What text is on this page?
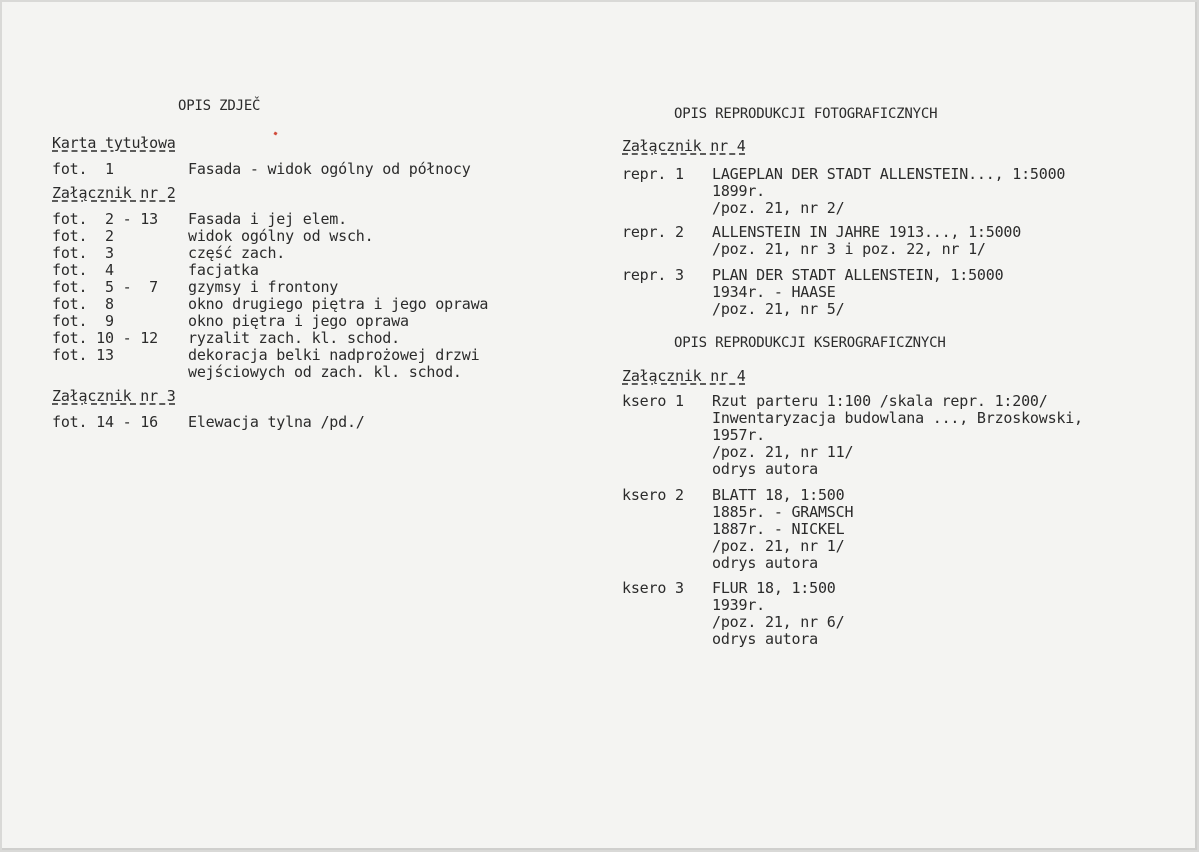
OPIS ZDJEČ
Karta tytułowa
fot.  1	Fasada - widok ogólny od północy
Załącznik nr 2
fot.  2 - 13 Fasada i jej elem.
fot.  2	widok ogólny od wsch.
fot.  3	część zach.
fot.  4	facjatka
fot.  5 -  7 gzymsy i frontony
fot.  8	okno drugiego piętra i jego oprawa
fot.  9	okno piętra i jego oprawa
fot. 10 - 12 ryzalit zach. kl. schod.
fot. 13	dekoracja belki nadprożowej drzwi
wejściowych od zach. kl. schod.
Załącznik nr 3
fot. 14 - 16 Elewacja tylna /pd./
OPIS REPRODUKCJI FOTOGRAFICZNYCH
Załącznik nr 4
repr. 1 LAGEPLAN DER STADT ALLENSTEIN..., 1:5000
1899r.
/poz. 21, nr 2/
repr. 2 ALLENSTEIN IN JAHRE 1913..., 1:5000
/poz. 21, nr 3 i poz. 22, nr 1/
repr. 3 PLAN DER STADT ALLENSTEIN, 1:5000
1934r. - HAASE
/poz. 21, nr 5/
OPIS REPRODUKCJI KSEROGRAFICZNYCH
Załącznik nr 4
ksero 1 Rzut parteru 1:100 /skala repr. 1:200/
Inwentaryzacja budowlana ..., Brzoskowski,
1957r.
/poz. 21, nr 11/
odrys autora
ksero 2 BLATT 18, 1:500
1885r. - GRAMSCH
1887r. - NICKEL
/poz. 21, nr 1/
odrys autora
ksero 3 FLUR 18, 1:500
1939r.
/poz. 21, nr 6/
odrys autora
